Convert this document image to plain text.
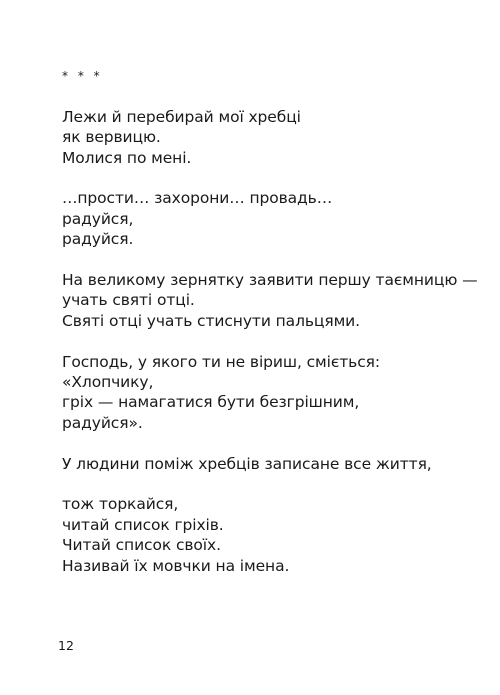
* * *
Лежи й перебирай мої хребці
як вервицю.
Молися по мені.
…прости… захорони… провадь…
радуйся,
радуйся.
На великому зернятку заявити першу таємницю —
учать святі отці.
Святі отці учать стиснути пальцями.
Господь, у якого ти не віриш, сміється:
«Хлопчику,
гріх — намагатися бути безгрішним,
радуйся».
У людини поміж хребців записане все життя,
тож торкайся,
читай список гріхів.
Читай список своїх.
Називай їх мовчки на імена.
12
